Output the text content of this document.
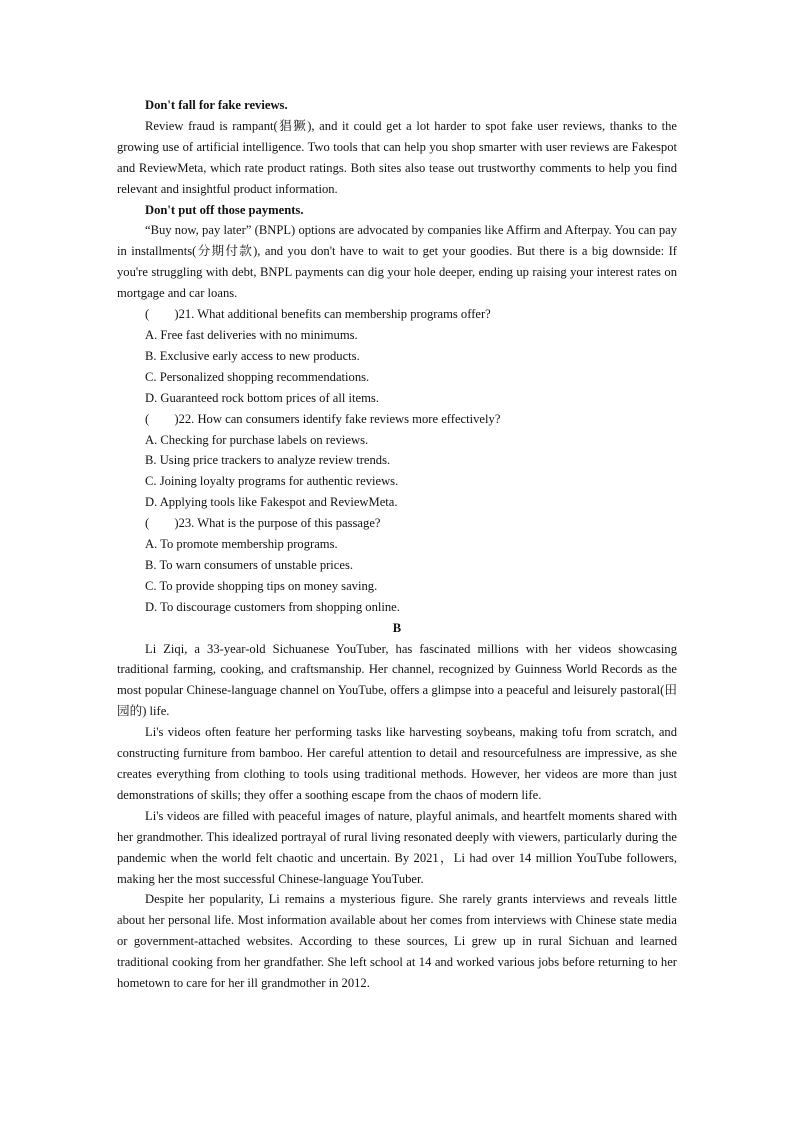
Don't fall for fake reviews.

Review fraud is rampant(猖獗), and it could get a lot harder to spot fake user reviews, thanks to the growing use of artificial intelligence. Two tools that can help you shop smarter with user reviews are Fakespot and ReviewMeta, which rate product ratings. Both sites also tease out trustworthy comments to help you find relevant and insightful product information.

Don't put off those payments.

“Buy now, pay later” (BNPL) options are advocated by companies like Affirm and Afterpay. You can pay in installments(分期付款), and you don't have to wait to get your goodies. But there is a big downside: If you're struggling with debt, BNPL payments can dig your hole deeper, ending up raising your interest rates on mortgage and car loans.

(        )21. What additional benefits can membership programs offer?

A. Free fast deliveries with no minimums.

B. Exclusive early access to new products.

C. Personalized shopping recommendations.

D. Guaranteed rock bottom prices of all items.

(        )22. How can consumers identify fake reviews more effectively?

A. Checking for purchase labels on reviews.

B. Using price trackers to analyze review trends.

C. Joining loyalty programs for authentic reviews.

D. Applying tools like Fakespot and ReviewMeta.

(        )23. What is the purpose of this passage?

A. To promote membership programs.

B. To warn consumers of unstable prices.

C. To provide shopping tips on money saving.

D. To discourage customers from shopping online.

B

Li Ziqi, a 33-year-old Sichuanese YouTuber, has fascinated millions with her videos showcasing traditional farming, cooking, and craftsmanship. Her channel, recognized by Guinness World Records as the most popular Chinese-language channel on YouTube, offers a glimpse into a peaceful and leisurely pastoral(田园的) life.

Li's videos often feature her performing tasks like harvesting soybeans, making tofu from scratch, and constructing furniture from bamboo. Her careful attention to detail and resourcefulness are impressive, as she creates everything from clothing to tools using traditional methods. However, her videos are more than just demonstrations of skills; they offer a soothing escape from the chaos of modern life.

Li's videos are filled with peaceful images of nature, playful animals, and heartfelt moments shared with her grandmother. This idealized portrayal of rural living resonated deeply with viewers, particularly during the pandemic when the world felt chaotic and uncertain. By 2021，Li had over 14 million YouTube followers, making her the most successful Chinese-language YouTuber.

Despite her popularity, Li remains a mysterious figure. She rarely grants interviews and reveals little about her personal life. Most information available about her comes from interviews with Chinese state media or government-attached websites. According to these sources, Li grew up in rural Sichuan and learned traditional cooking from her grandfather. She left school at 14 and worked various jobs before returning to her hometown to care for her ill grandmother in 2012.
